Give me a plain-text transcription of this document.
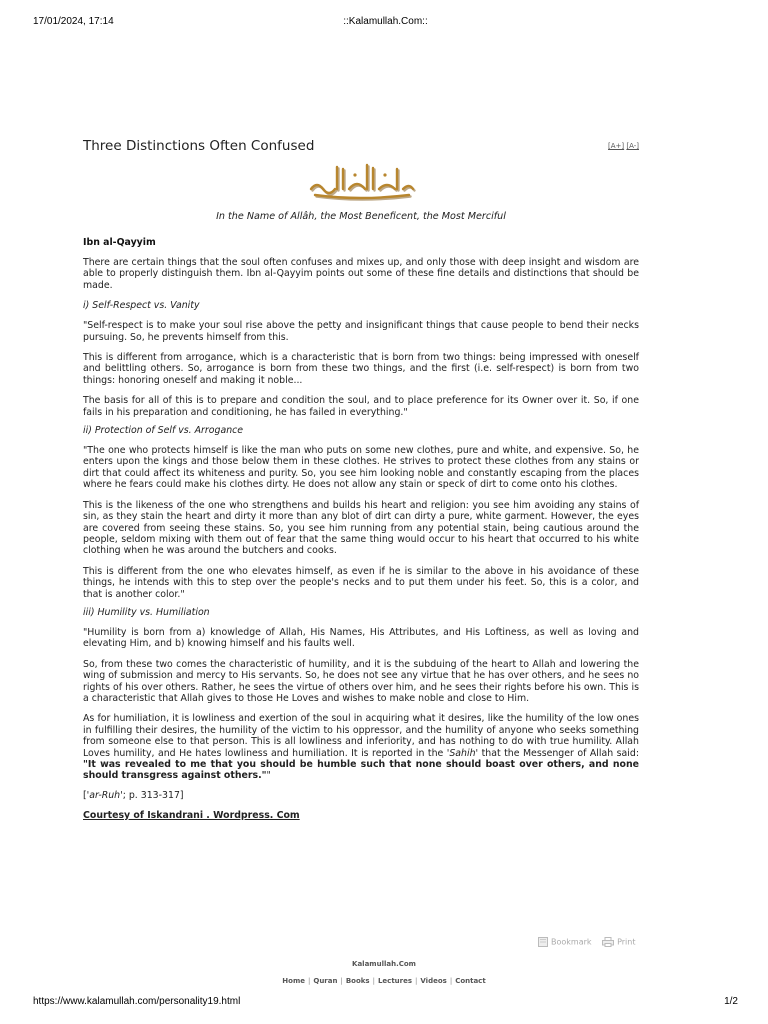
17/01/2024, 17:14	::Kalamullah.Com::
Three Distinctions Often Confused	[A+] [A-]
In the Name of Allâh, the Most Beneficent, the Most Merciful
Ibn al-Qayyim

There are certain things that the soul often confuses and mixes up, and only those with deep insight and wisdom are able to properly distinguish them. Ibn al-Qayyim points out some of these fine details and distinctions that should be made.

i) Self-Respect vs. Vanity

"Self-respect is to make your soul rise above the petty and insignificant things that cause people to bend their necks pursuing. So, he prevents himself from this.

This is different from arrogance, which is a characteristic that is born from two things: being impressed with oneself and belittling others. So, arrogance is born from these two things, and the first (i.e. self-respect) is born from two things: honoring oneself and making it noble...

The basis for all of this is to prepare and condition the soul, and to place preference for its Owner over it. So, if one fails in his preparation and conditioning, he has failed in everything."

ii) Protection of Self vs. Arrogance

"The one who protects himself is like the man who puts on some new clothes, pure and white, and expensive. So, he enters upon the kings and those below them in these clothes. He strives to protect these clothes from any stains or dirt that could affect its whiteness and purity. So, you see him looking noble and constantly escaping from the places where he fears could make his clothes dirty. He does not allow any stain or speck of dirt to come onto his clothes.

This is the likeness of the one who strengthens and builds his heart and religion: you see him avoiding any stains of sin, as they stain the heart and dirty it more than any blot of dirt can dirty a pure, white garment. However, the eyes are covered from seeing these stains. So, you see him running from any potential stain, being cautious around the people, seldom mixing with them out of fear that the same thing would occur to his heart that occurred to his white clothing when he was around the butchers and cooks.

This is different from the one who elevates himself, as even if he is similar to the above in his avoidance of these things, he intends with this to step over the people's necks and to put them under his feet. So, this is a color, and that is another color."

iii) Humility vs. Humiliation

"Humility is born from a) knowledge of Allah, His Names, His Attributes, and His Loftiness, as well as loving and elevating Him, and b) knowing himself and his faults well.

So, from these two comes the characteristic of humility, and it is the subduing of the heart to Allah and lowering the wing of submission and mercy to His servants. So, he does not see any virtue that he has over others, and he sees no rights of his over others. Rather, he sees the virtue of others over him, and he sees their rights before his own. This is a characteristic that Allah gives to those He Loves and wishes to make noble and close to Him.

As for humiliation, it is lowliness and exertion of the soul in acquiring what it desires, like the humility of the low ones in fulfilling their desires, the humility of the victim to his oppressor, and the humility of anyone who seeks something from someone else to that person. This is all lowliness and inferiority, and has nothing to do with true humility. Allah Loves humility, and He hates lowliness and humiliation. It is reported in the 'Sahih' that the Messenger of Allah said: "It was revealed to me that you should be humble such that none should boast over others, and none should transgress against others.""

['ar-Ruh'; p. 313-317]
Courtesy of Iskandrani . Wordpress. Com
Bookmark	Print
Kalamullah.Com
Home | Quran | Books | Lectures | Videos | Contact
https://www.kalamullah.com/personality19.html	1/2
